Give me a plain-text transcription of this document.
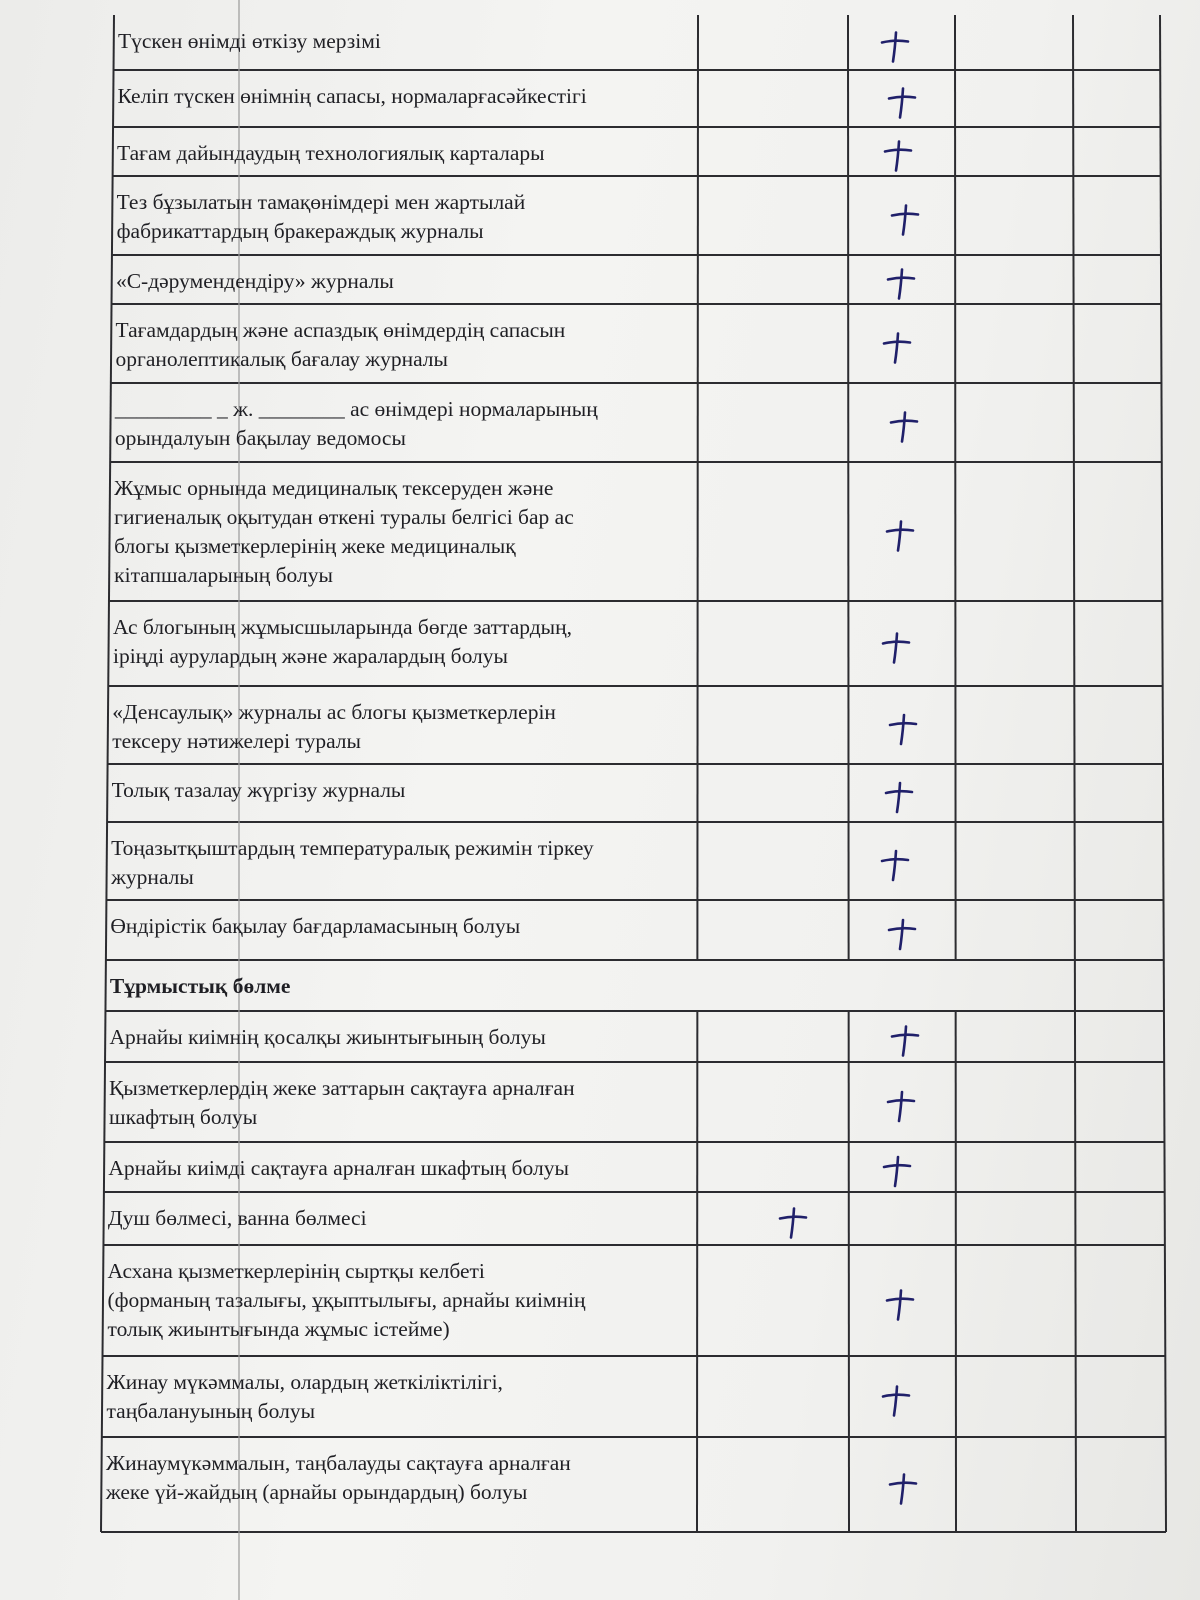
Түскен өнімді өткізу мерзімі
Келіп түскен өнімнің сапасы, нормаларғасәйкестігі
Тағам дайындаудың технологиялық карталары
Тез бұзылатын тамақөнімдері мен жартылай
фабрикаттардың бракераждық журналы
«С-дәрумендендіру» журналы
Тағамдардың және аспаздық өнімдердің сапасын
органолептикалық бағалау журналы
_________ _ ж. ________ ас өнімдері нормаларының
орындалуын бақылау ведомосы
Жұмыс орнында медициналық тексеруден және
гигиеналық оқытудан өткені туралы белгісі бар ас
блогы қызметкерлерінің жеке медициналық
кітапшаларының болуы
Ас блогының жұмысшыларында бөгде заттардың,
іріңді аурулардың және жаралардың болуы
«Денсаулық» журналы ас блогы қызметкерлерін
тексеру нәтижелері туралы
Толық тазалау жүргізу журналы
Тоңазытқыштардың температуралық режимін тіркеу
журналы
Өндірістік бақылау бағдарламасының болуы
Тұрмыстық бөлме
Арнайы киімнің қосалқы жиынтығының болуы
Қызметкерлердің жеке заттарын сақтауға арналған
шкафтың болуы
Арнайы киімді сақтауға арналған шкафтың болуы
Душ бөлмесі, ванна бөлмесі
Асхана қызметкерлерінің сыртқы келбеті
(форманың тазалығы, ұқыптылығы, арнайы киімнің
толық жиынтығында жұмыс істейме)
Жинау мүкәммалы, олардың жеткіліктілігі,
таңбалануының болуы
Жинаумүкәммалын, таңбалауды сақтауға арналған
жеке үй-жайдың (арнайы орындардың) болуы
